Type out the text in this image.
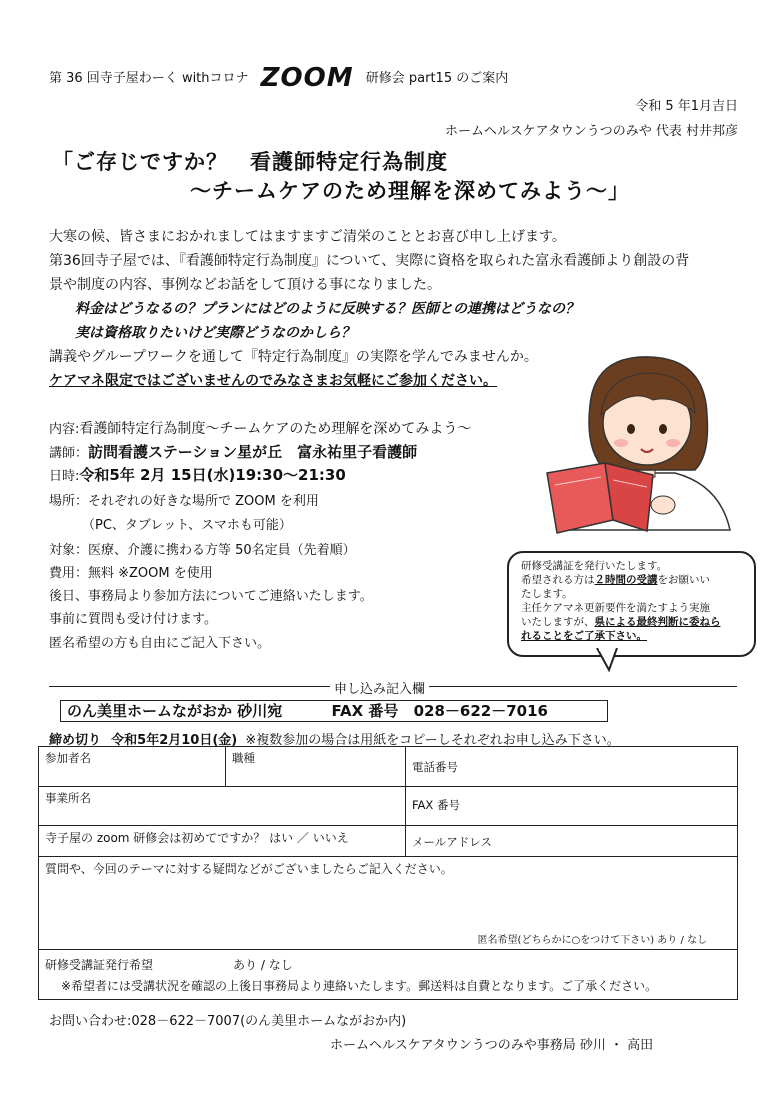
第 36 回寺子屋わーく withコロナ ZOOM 研修会 part15 のご案内
令和 5 年1月吉日
ホームヘルスケアタウンうつのみや 代表 村井邦彦
「ご存じですか？　看護師特定行為制度
～チームケアのため理解を深めてみよう～」
大寒の候、皆さまにおかれましてはますますご清栄のこととお喜び申し上げます。
第36回寺子屋では、『看護師特定行為制度』について、実際に資格を取られた富永看護師より創設の背
景や制度の内容、事例などお話をして頂ける事になりました。
料金はどうなるの？プランにはどのように反映する？医師との連携はどうなの？
実は資格取りたいけど実際どうなのかしら？
講義やグループワークを通して『特定行為制度』の実際を学んでみませんか。
ケアマネ限定ではございませんのでみなさまお気軽にご参加ください。
内容:看護師特定行為制度～チームケアのため理解を深めてみよう～
講師：訪問看護ステーション星が丘　富永祐里子看護師
日時:令和5年 2月 15日(水)19:30～21:30
場所：それぞれの好きな場所で ZOOM を利用
（PC、タブレット、スマホも可能）
対象：医療、介護に携わる方等 50名定員（先着順）
費用：無料 ※ZOOM を使用
後日、事務局より参加方法についてご連絡いたします。
事前に質問も受け付けます。
匿名希望の方も自由にご記入下さい。
研修受講証を発行いたします。
希望される方は２時間の受講をお願いい
たします。
主任ケアマネ更新要件を満たすよう実施
いたしますが、県による最終判断に委ねら
れることをご了承下さい。
申し込み記入欄
のん美里ホームながおか 砂川宛	FAX 番号 028－622－7016
締め切り 令和5年2月10日(金) ※複数参加の場合は用紙をコピーしそれぞれお申し込み下さい。
参加者名	職種	電話番号
事業所名		FAX 番号
寺子屋の zoom 研修会は初めてですか？ はい ／ いいえ		メールアドレス
質問や、今回のテーマに対する疑問などがございましたらご記入ください。
匿名希望(どちらかに○をつけて下さい) あり / なし		

研修受講証発行希望 あり / なし
※希望者には受講状況を確認の上後日事務局より連絡いたします。郵送料は自費となります。ご了承ください。		
お問い合わせ:028－622－7007(のん美里ホームながおか内)
ホームヘルスケアタウンうつのみや事務局 砂川 ・ 高田
